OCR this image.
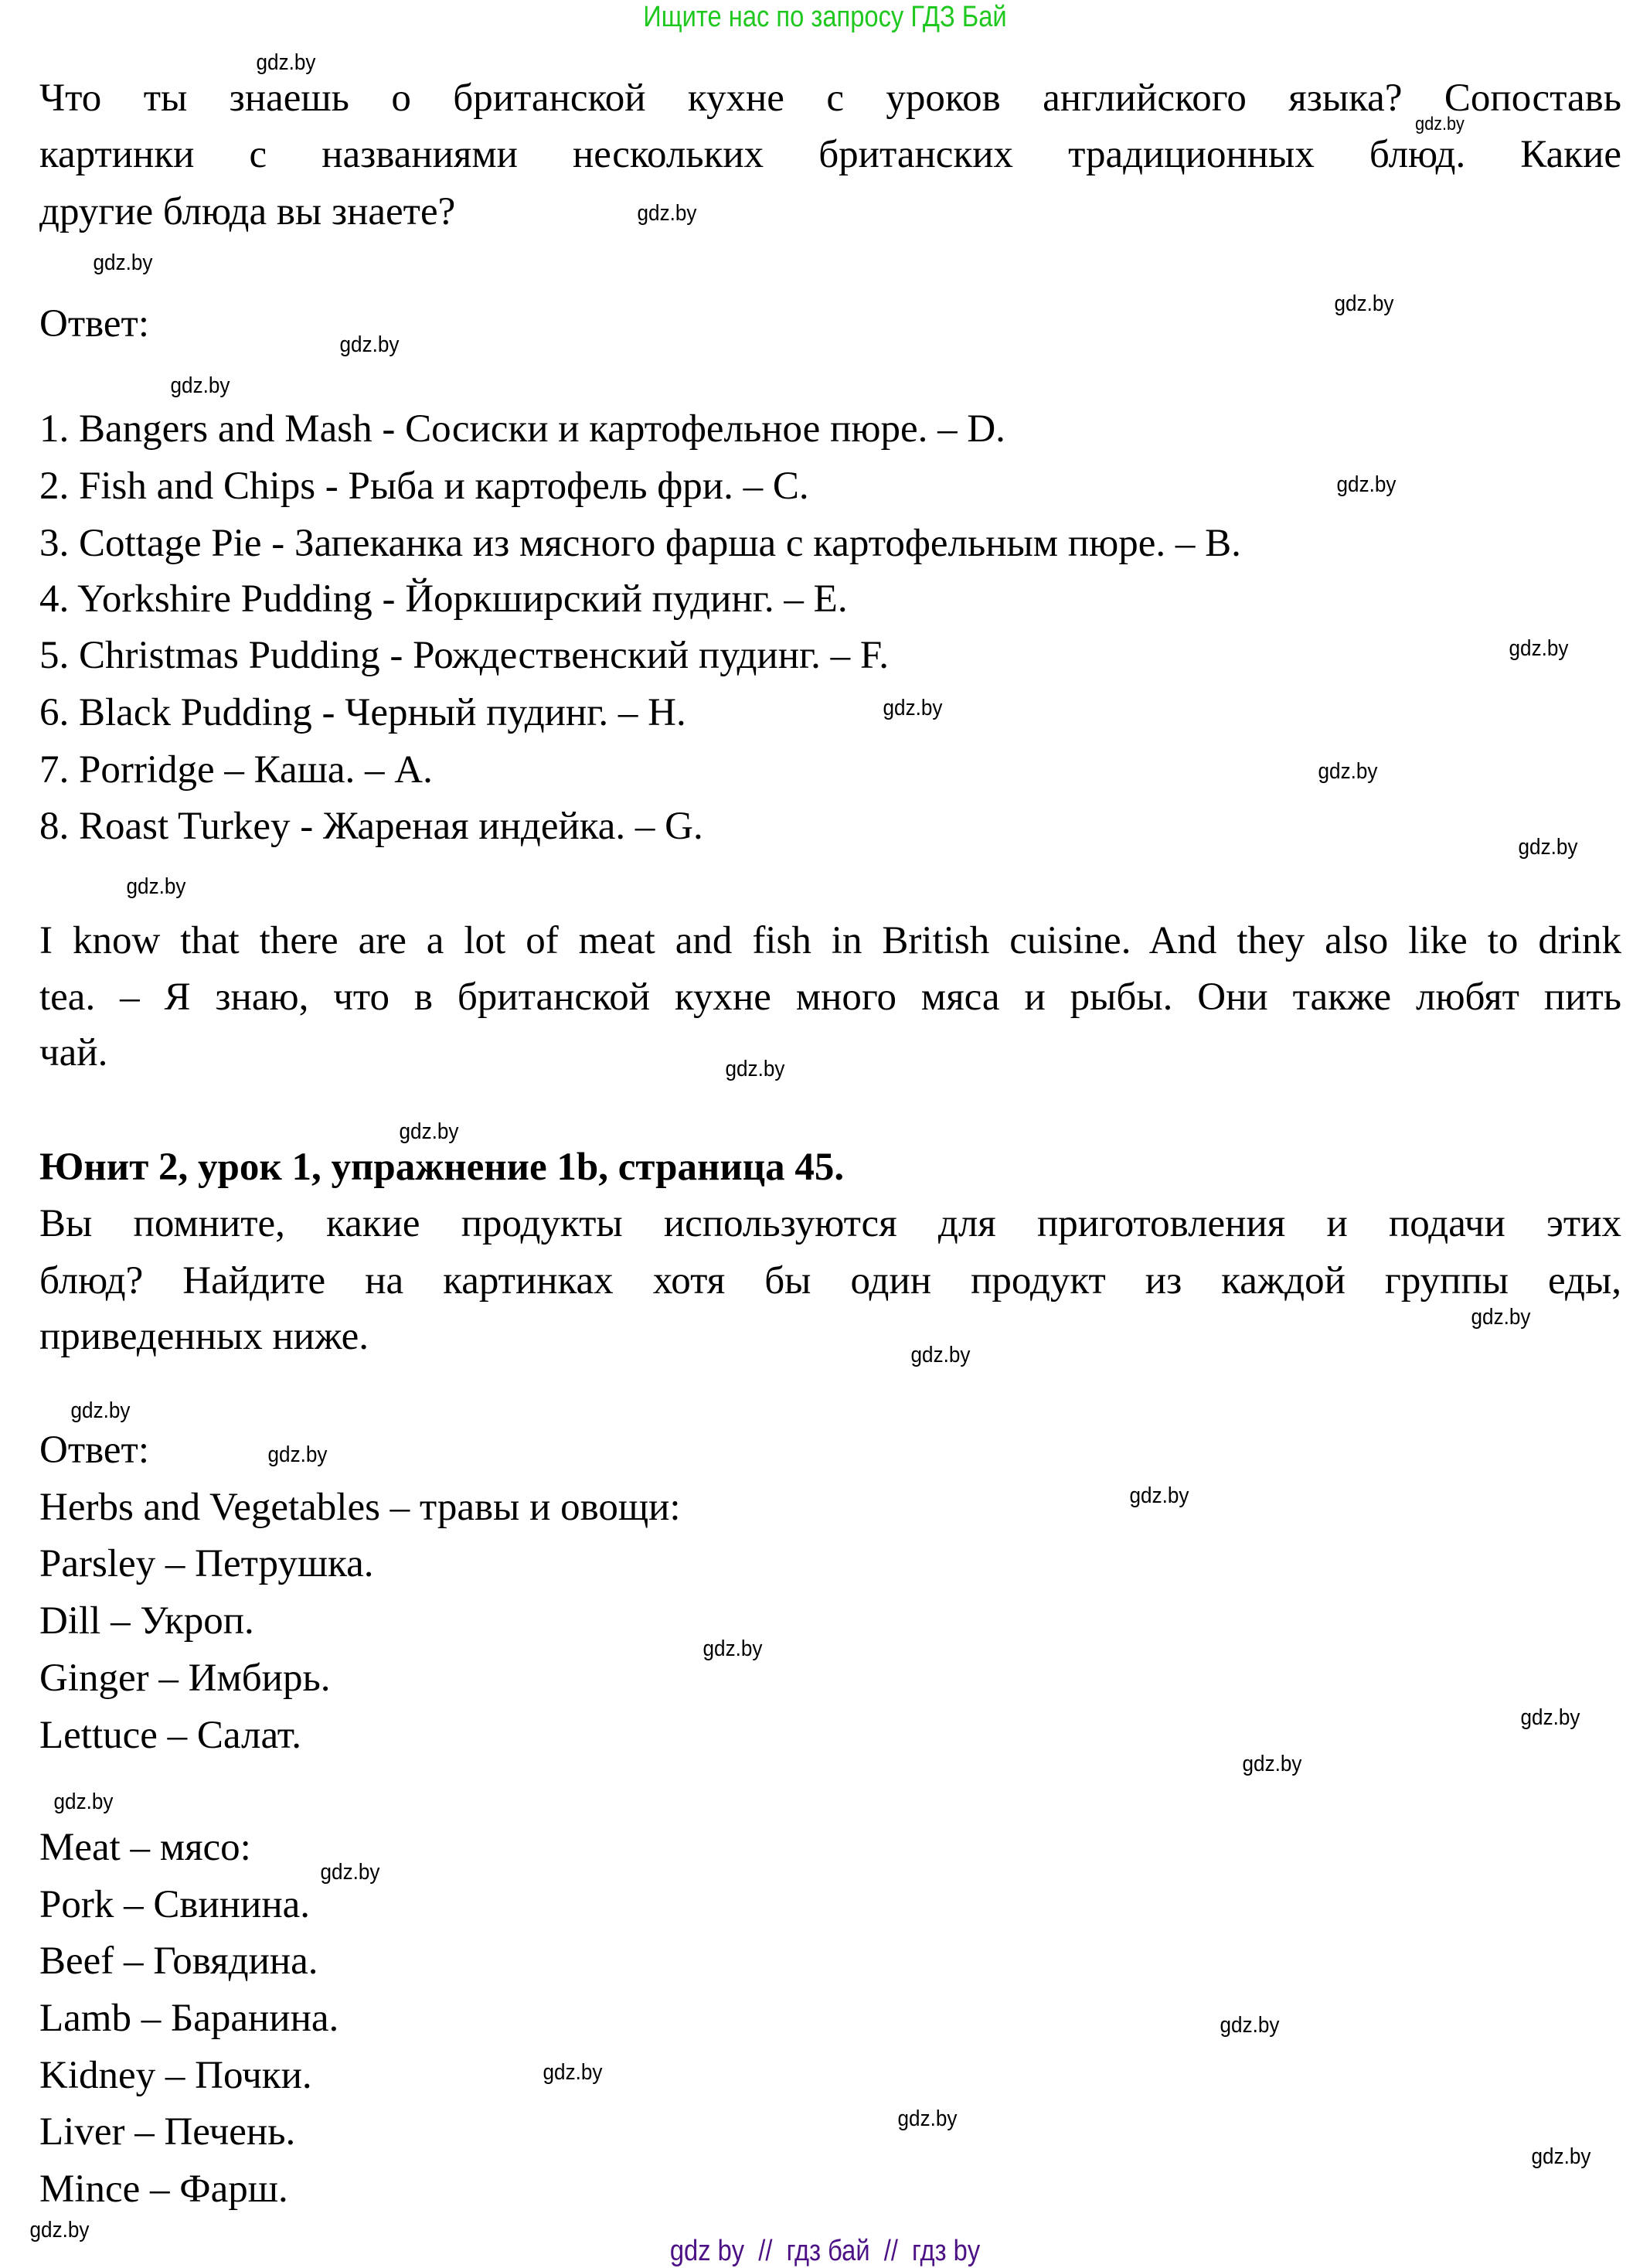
Ищите нас по запросу ГДЗ Бай
Что ты знаешь о британской кухне с уроков английского языка? Сопоставь
картинки с названиями нескольких британских традиционных блюд. Какие
другие блюда вы знаете?
Ответ:
1. Bangers and Mash - Сосиски и картофельное пюре. – D.
2. Fish and Chips - Рыба и картофель фри. – C.
3. Cottage Pie - Запеканка из мясного фарша с картофельным пюре. – B.
4. Yorkshire Pudding - Йоркширский пудинг. – E.
5. Christmas Pudding - Рождественский пудинг. – F.
6. Black Pudding - Черный пудинг. – H.
7. Porridge – Каша. – A.
8. Roast Turkey - Жареная индейка. – G.
I know that there are a lot of meat and fish in British cuisine. And they also like to drink
tea. – Я знаю, что в британской кухне много мяса и рыбы. Они также любят пить
чай.
Юнит 2, урок 1, упражнение 1b, страница 45.
Вы помните, какие продукты используются для приготовления и подачи этих
блюд? Найдите на картинках хотя бы один продукт из каждой группы еды,
приведенных ниже.
Ответ:
Herbs and Vegetables – травы и овощи:
Parsley – Петрушка.
Dill – Укроп.
Ginger – Имбирь.
Lettuce – Салат.
Meat – мясо:
Pork – Свинина.
Beef – Говядина.
Lamb – Баранина.
Kidney – Почки.
Liver – Печень.
Mince – Фарш.
gdz.by
gdz.by
gdz.by
gdz.by
gdz.by
gdz.by
gdz.by
gdz.by
gdz.by
gdz.by
gdz.by
gdz.by
gdz.by
gdz.by
gdz.by
gdz.by
gdz.by
gdz.by
gdz.by
gdz.by
gdz.by
gdz.by
gdz.by
gdz.by
gdz.by
gdz.by
gdz.by
gdz.by
gdz.by
gdz.by
gdz by  //  гдз бай  //  гдз by
